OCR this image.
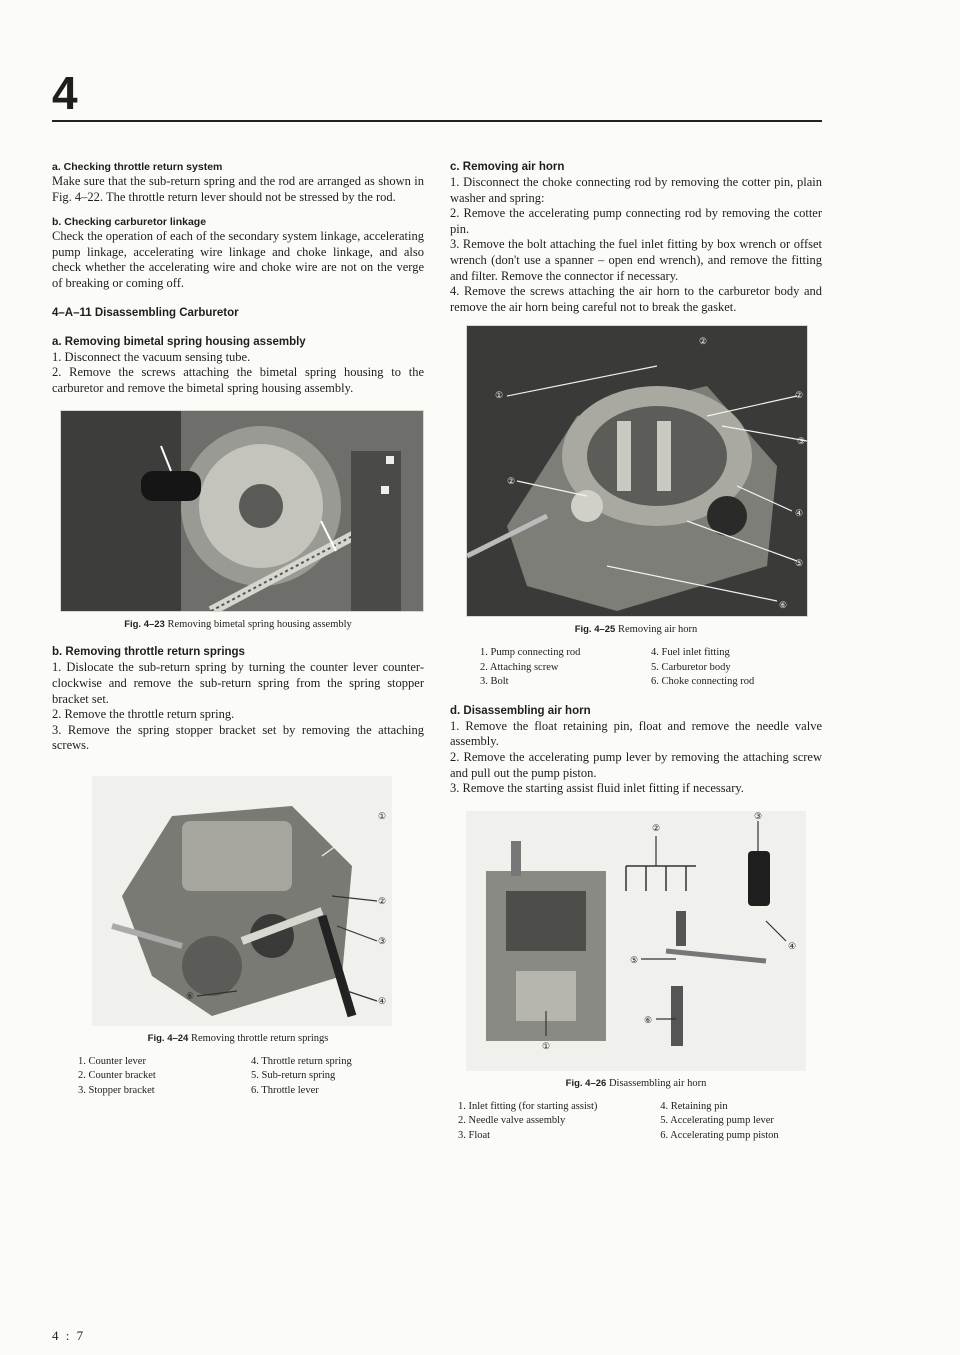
4
a. Checking throttle return system

Make sure that the sub-return spring and the rod are arranged as shown in Fig. 4–22. The throttle return lever should not be stressed by the rod.

b. Checking carburetor linkage

Check the operation of each of the secondary system linkage, accelerating pump linkage, accelerating wire linkage and choke linkage, and also check whether the accelerating wire and choke wire are not on the verge of breaking or coming off.

4–A–11 Disassembling Carburetor
a. Removing bimetal spring housing assembly

1. Disconnect the vacuum sensing tube.

2. Remove the screws attaching the bimetal spring housing to the carburetor and remove the bimetal spring housing assembly.

Fig. 4–23 Removing bimetal spring housing assembly
b. Removing throttle return springs

1. Dislocate the sub-return spring by turning the counter lever counter-clockwise and remove the sub-return spring from the spring stopper bracket set.

2. Remove the throttle return spring.

3. Remove the spring stopper bracket set by removing the attaching screws.

①
②
③
④
⑥
Fig. 4–24 Removing throttle return springs
1. Counter lever	4. Throttle return spring
2. Counter bracket	5. Sub-return spring
3. Stopper bracket	6. Throttle lever
c. Removing air horn

1. Disconnect the choke connecting rod by removing the cotter pin, plain washer and spring:

2. Remove the accelerating pump connecting rod by removing the cotter pin.

3. Remove the bolt attaching the fuel inlet fitting by box wrench or offset wrench (don't use a spanner – open end wrench), and remove the fitting and filter. Remove the connector if necessary.

4. Remove the screws attaching the air horn to the carburetor body and remove the air horn being careful not to break the gasket.

①
②
②
②
③
④
⑤
⑥
Fig. 4–25 Removing air horn
1. Pump connecting rod	4. Fuel inlet fitting
2. Attaching screw	5. Carburetor body
3. Bolt	6. Choke connecting rod
d. Disassembling air horn

1. Remove the float retaining pin, float and remove the needle valve assembly.

2. Remove the accelerating pump lever by removing the attaching screw and pull out the pump piston.

3. Remove the starting assist fluid inlet fitting if necessary.

①
②
③
④
⑤
⑥
Fig. 4–26 Disassembling air horn
1. Inlet fitting (for starting assist)	4. Retaining pin
2. Needle valve assembly	5. Accelerating pump lever
3. Float	6. Accelerating pump piston
4 : 7
